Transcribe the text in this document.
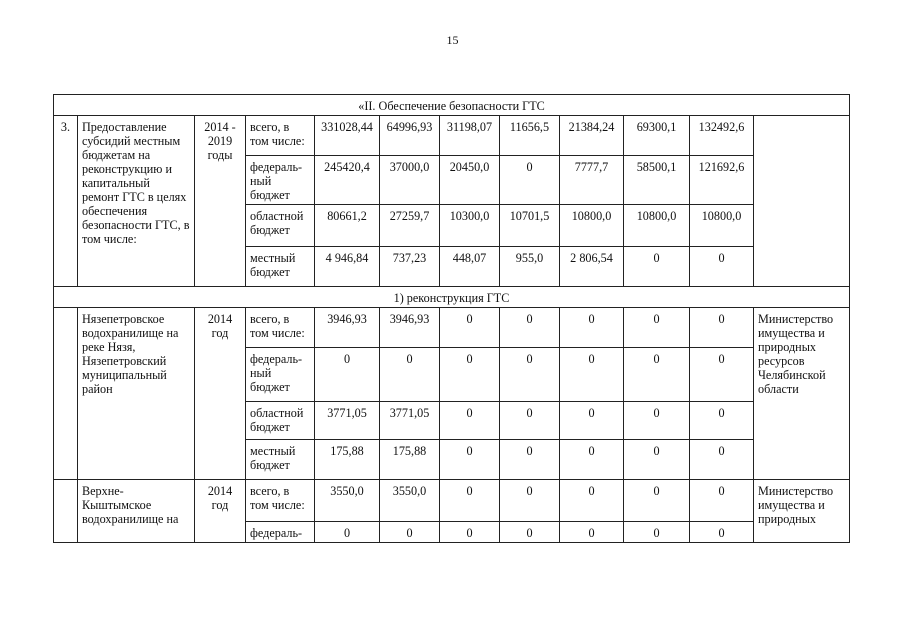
15
«II. Обеспечение безопасности ГТС											
3.	Предоставление субсидий местным бюджетам на реконструкцию и капитальный ремонт ГТС в целях обеспечения безопасности ГТС, в том числе:	2014 - 2019 годы	всего, в том числе:	331028,44	64996,93	31198,07	11656,5	21384,24	69300,1	132492,6	
			федераль-ный бюджет	245420,4	37000,0	20450,0	0	7777,7	58500,1	121692,6	
			областной бюджет	80661,2	27259,7	10300,0	10701,5	10800,0	10800,0	10800,0	
			местный бюджет	4 946,84	737,23	448,07	955,0	2 806,54	0	0	
1) реконструкция ГТС											
	Нязепетровское водохранилище на реке Нязя, Нязепетровский муниципальный район	2014 год	всего, в том числе:	3946,93	3946,93	0	0	0	0	0	Министерство имущества и природных ресурсов Челябинской области
			федераль-ный бюджет	0	0	0	0	0	0	0	
			областной бюджет	3771,05	3771,05	0	0	0	0	0	
			местный бюджет	175,88	175,88	0	0	0	0	0	
	Верхне-Кыштымское водохранилище на	2014 год	всего, в том числе:	3550,0	3550,0	0	0	0	0	0	Министерство имущества и природных
			федераль-	0	0	0	0	0	0	0	
